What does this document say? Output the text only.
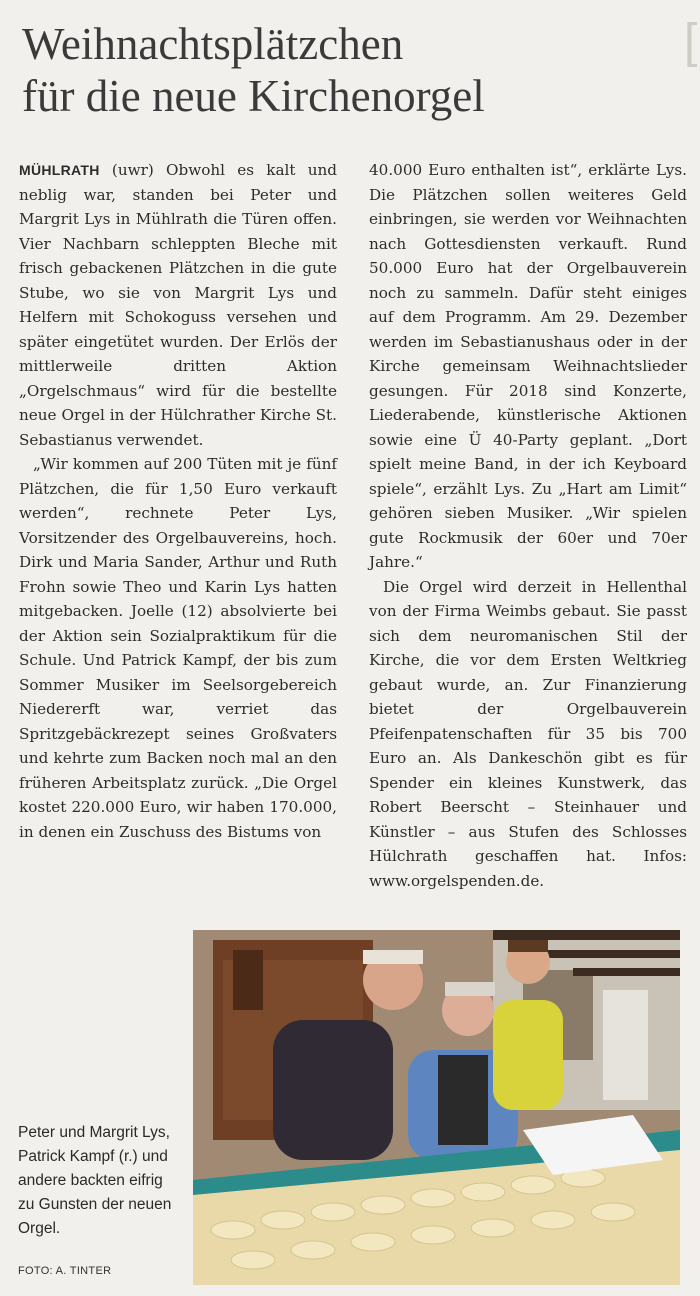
[
Weihnachtsplätzchen
für die neue Kirchenorgel

MÜHLRATH (uwr) Obwohl es kalt und neblig war, standen bei Peter und Margrit Lys in Mühlrath die Türen offen. Vier Nachbarn schleppten Bleche mit frisch gebackenen Plätzchen in die gute Stube, wo sie von Margrit Lys und Helfern mit Schokoguss versehen und später eingetütet wurden. Der Erlös der mittlerweile dritten Aktion „Orgelschmaus“ wird für die bestellte neue Orgel in der Hülchrather Kirche St. Sebastianus verwendet.

„Wir kommen auf 200 Tüten mit je fünf Plätzchen, die für 1,50 Euro verkauft werden“, rechnete Peter Lys, Vorsitzender des Orgelbauvereins, hoch. Dirk und Maria Sander, Arthur und Ruth Frohn sowie Theo und Karin Lys hatten mitgebacken. Joelle (12) absolvierte bei der Aktion sein Sozialpraktikum für die Schule. Und Patrick Kampf, der bis zum Sommer Musiker im Seelsorgebereich Niedererft war, verriet das Spritzgebäckrezept seines Großvaters und kehrte zum Backen noch mal an den früheren Arbeitsplatz zurück. „Die Orgel kostet 220.000 Euro, wir haben 170.000, in denen ein Zuschuss des Bistums von

40.000 Euro enthalten ist“, erklärte Lys. Die Plätzchen sollen weiteres Geld einbringen, sie werden vor Weihnachten nach Gottesdiensten verkauft. Rund 50.000 Euro hat der Orgelbauverein noch zu sammeln. Dafür steht einiges auf dem Programm. Am 29. Dezember werden im Sebastianushaus oder in der Kirche gemeinsam Weihnachtslieder gesungen. Für 2018 sind Konzerte, Liederabende, künstlerische Aktionen sowie eine Ü 40-Party geplant. „Dort spielt meine Band, in der ich Keyboard spiele“, erzählt Lys. Zu „Hart am Limit“ gehören sieben Musiker. „Wir spielen gute Rockmusik der 60er und 70er Jahre.“

Die Orgel wird derzeit in Hellenthal von der Firma Weimbs gebaut. Sie passt sich dem neuromanischen Stil der Kirche, die vor dem Ersten Weltkrieg gebaut wurde, an. Zur Finanzierung bietet der Orgelbauverein Pfeifenpatenschaften für 35 bis 700 Euro an. Als Dankeschön gibt es für Spender ein kleines Kunstwerk, das Robert Beerscht – Steinhauer und Künstler – aus Stufen des Schlosses Hülchrath geschaffen hat. Infos: www.orgelspenden.de.

Peter und Margrit Lys, Patrick Kampf (r.) und andere backten eifrig zu Gunsten der neuen Orgel.
FOTO: A. TINTER
